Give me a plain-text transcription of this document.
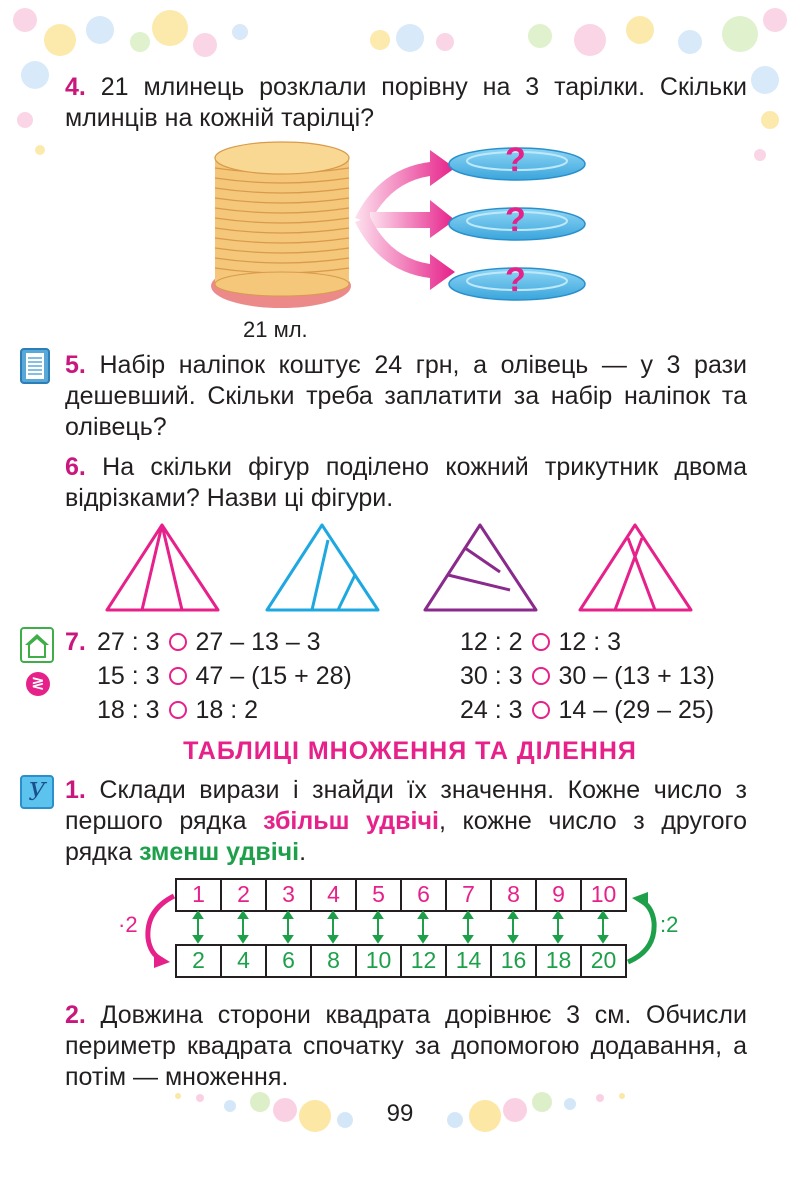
4. 21 млинець розклали порівну на 3 тарілки. Скільки млинців на кожній тарілці?
?
?
?
21 мл.
5. Набір наліпок коштує 24 грн, а олівець — у 3 рази дешевший. Скільки треба заплатити за набір наліпок та олівець?
6. На скільки фігур поділено кожний трикутник двома відрізками? Назви ці фігури.
≷
7. 27 : 3 27 – 13 – 3
15 : 3 47 – (15 + 28)
18 : 3 18 : 2
12 : 2 12 : 3
30 : 3 30 – (13 + 13)
24 : 3 14 – (29 – 25)
ТАБЛИЦІ МНОЖЕННЯ ТА ДІЛЕННЯ
У 1. Склади вирази і знайди їх значення. Кожне число з першого рядка збільш удвічі, кожне число з другого рядка зменш удвічі.
1	2	3	4	5	6	7	8	9	10
2	4	6	8	10 12 14 16 18 20
·2	:2
2. Довжина сторони квадрата дорівнює 3 см. Обчисли периметр квадрата спочатку за допомогою додавання, а потім — множення.
99
